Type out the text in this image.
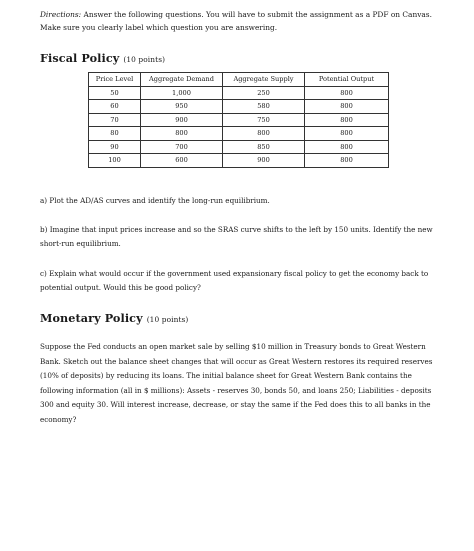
Directions: Answer the following questions. You will have to submit the assignment as a PDF on Canvas. Make sure you clearly label which question you are answering.

Fiscal Policy (10 points)
Price Level	Aggregate Demand	Aggregate Supply	Potential Output
50	1,000	250	800
60	950	580	800
70	900	750	800
80	800	800	800
90	700	850	800
100	600	900	800

a) Plot the AD/AS curves and identify the long-run equilibrium.

b) Imagine that input prices increase and so the SRAS curve shifts to the left by 150 units. Identify the new short-run equilibrium.

c) Explain what would occur if the government used expansionary fiscal policy to get the economy back to potential output. Would this be good policy?

Monetary Policy (10 points)

Suppose the Fed conducts an open market sale by selling $10 million in Treasury bonds to Great Western Bank. Sketch out the balance sheet changes that will occur as Great Western restores its required reserves (10% of deposits) by reducing its loans. The initial balance sheet for Great Western Bank contains the following information (all in $ millions): Assets - reserves 30, bonds 50, and loans 250; Liabilities - deposits 300 and equity 30. Will interest increase, decrease, or stay the same if the Fed does this to all banks in the economy?
